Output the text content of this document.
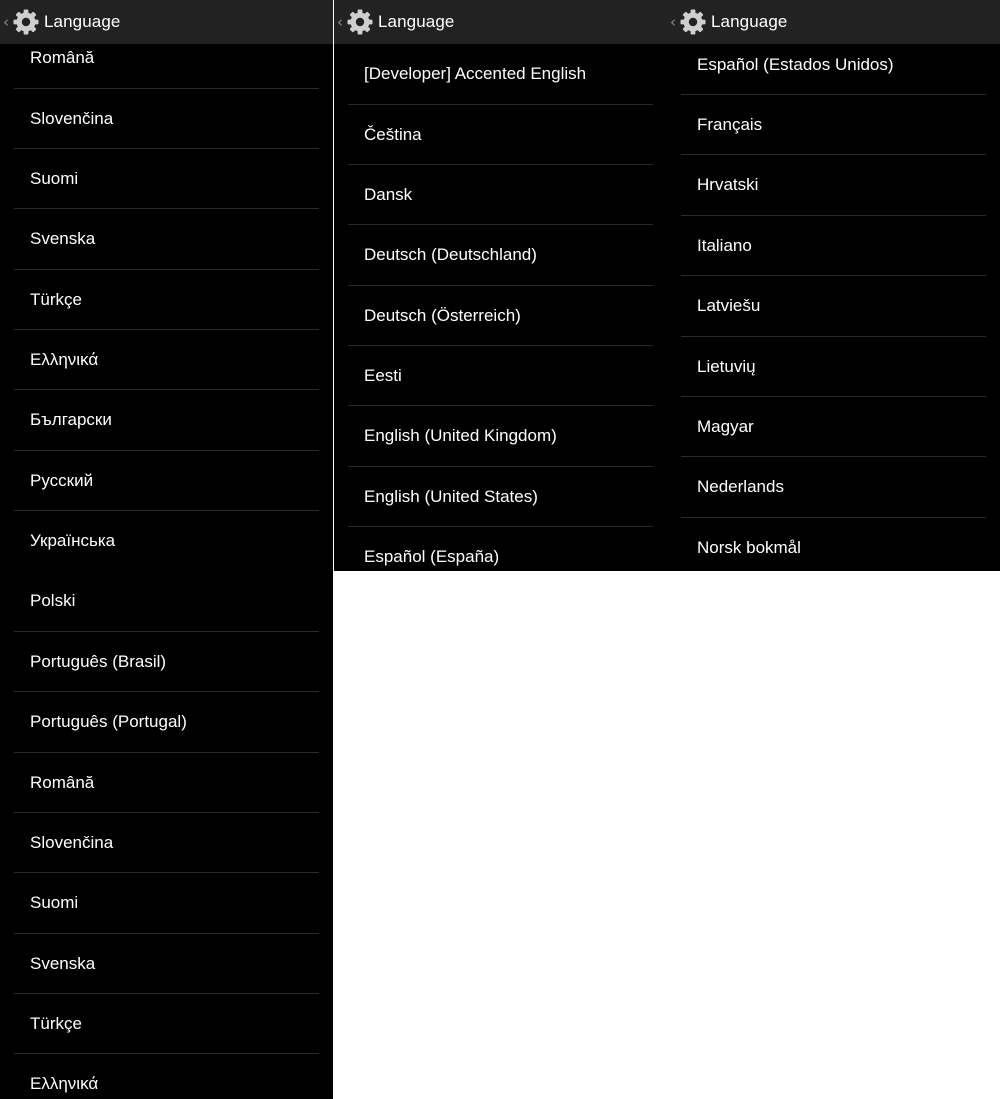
Română
Slovenčina
Suomi
Svenska
Türkçe
Ελληνικά
Български
Русский
Українська
‹ Language
[Developer] Accented English
Čeština
Dansk
Deutsch (Deutschland)
Deutsch (Österreich)
Eesti
English (United Kingdom)
English (United States)
Español (España)
‹ Language
Español (Estados Unidos)
Français
Hrvatski
Italiano
Latviešu
Lietuvių
Magyar
Nederlands
Norsk bokmål
‹ Language
Polski
Português (Brasil)
Português (Portugal)
Română
Slovenčina
Suomi
Svenska
Türkçe
Ελληνικά
